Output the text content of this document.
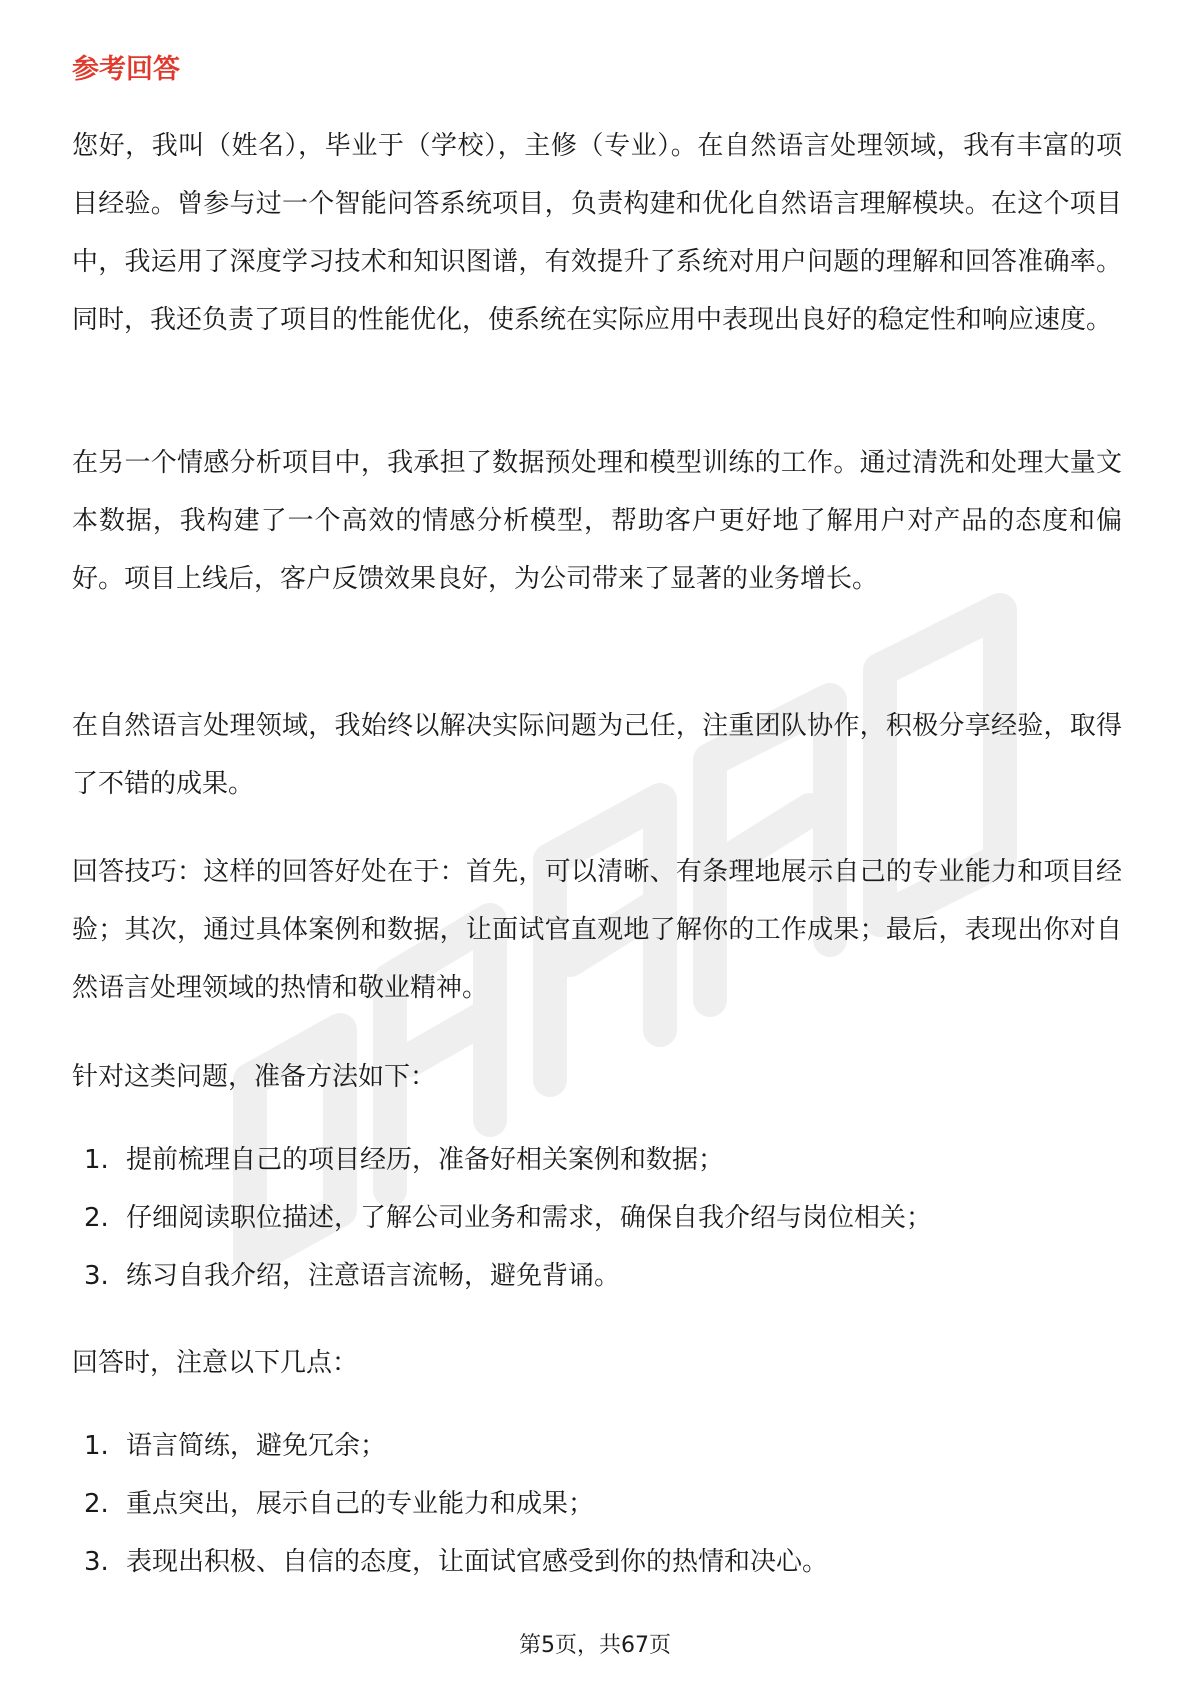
参考回答

您好，我叫（姓名），毕业于（学校），主修（专业）。在自然语言处理领域，我有丰富的项目经验。曾参与过一个智能问答系统项目，负责构建和优化自然语言理解模块。在这个项目中，我运用了深度学习技术和知识图谱，有效提升了系统对用户问题的理解和回答准确率。同时，我还负责了项目的性能优化，使系统在实际应用中表现出良好的稳定性和响应速度。

在另一个情感分析项目中，我承担了数据预处理和模型训练的工作。通过清洗和处理大量文本数据，我构建了一个高效的情感分析模型，帮助客户更好地了解用户对产品的态度和偏好。项目上线后，客户反馈效果良好，为公司带来了显著的业务增长。

在自然语言处理领域，我始终以解决实际问题为己任，注重团队协作，积极分享经验，取得了不错的成果。

回答技巧：这样的回答好处在于：首先，可以清晰、有条理地展示自己的专业能力和项目经验；其次，通过具体案例和数据，让面试官直观地了解你的工作成果；最后，表现出你对自然语言处理领域的热情和敬业精神。

针对这类问题，准备方法如下：

1. 提前梳理自己的项目经历，准备好相关案例和数据；
2. 仔细阅读职位描述，了解公司业务和需求，确保自我介绍与岗位相关；
3. 练习自我介绍，注意语言流畅，避免背诵。

回答时，注意以下几点：

1. 语言简练，避免冗余；
2. 重点突出，展示自己的专业能力和成果；
3. 表现出积极、自信的态度，让面试官感受到你的热情和决心。
第5页，共67页
